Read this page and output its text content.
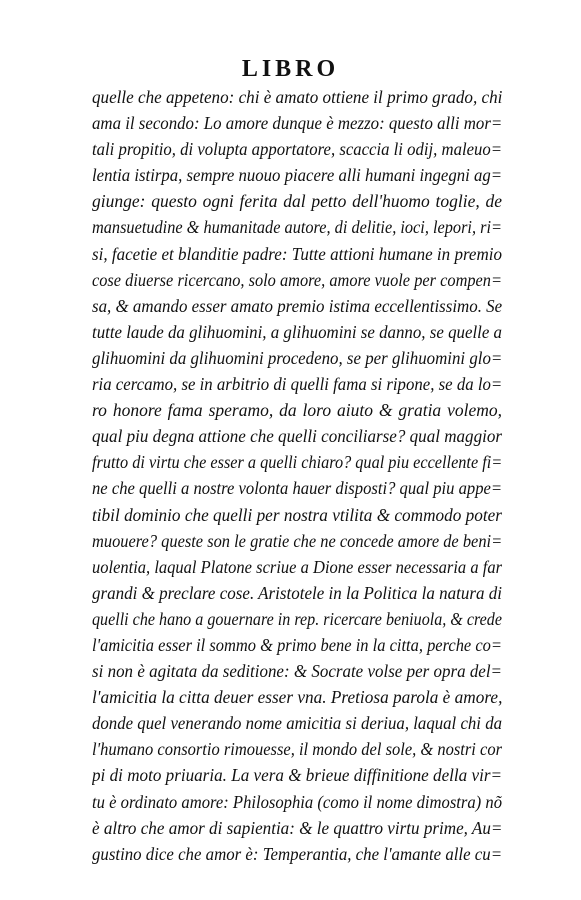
LIBRO
quelle che appeteno: chi è amato ottiene il primo grado, chi
ama il secondo: Lo amore dunque è mezzo: questo alli mor=
tali propitio, di volupta apportatore, scaccia li odij, maleuo=
lentia istirpa, sempre nuouo piacere alli humani ingegni ag=
giunge: questo ogni ferita dal petto dell'huomo toglie, de
mansuetudine & humanitade autore, di delitie, ioci, lepori, ri=
si, facetie et blanditie padre: Tutte attioni humane in premio
cose diuerse ricercano, solo amore, amore vuole per compen=
sa, & amando esser amato premio istima eccellentissimo. Se
tutte laude da glihuomini, a glihuomini se danno, se quelle a
glihuomini da glihuomini procedeno, se per glihuomini glo=
ria cercamo, se in arbitrio di quelli fama si ripone, se da lo=
ro honore fama speramo, da loro aiuto & gratia volemo,
qual piu degna attione che quelli conciliarse? qual maggior
frutto di virtu che esser a quelli chiaro? qual piu eccellente fi=
ne che quelli a nostre volonta hauer disposti? qual piu appe=
tibil dominio che quelli per nostra vtilita & commodo poter
muouere? queste son le gratie che ne concede amore de beni=
uolentia, laqual Platone scriue a Dione esser necessaria a far
grandi & preclare cose. Aristotele in la Politica la natura di
quelli che hano a gouernare in rep. ricercare beniuola, & crede
l'amicitia esser il sommo & primo bene in la citta, perche co=
si non è agitata da seditione: & Socrate volse per opra del=
l'amicitia la citta deuer esser vna. Pretiosa parola è amore,
donde quel venerando nome amicitia si deriua, laqual chi da
l'humano consortio rimouesse, il mondo del sole, & nostri cor
pi di moto priuaria. La vera & brieue diffinitione della vir=
tu è ordinato amore: Philosophia (como il nome dimostra) nõ
è altro che amor di sapientia: & le quattro virtu prime, Au=
gustino dice che amor è: Temperantia, che l'amante alle cu=
